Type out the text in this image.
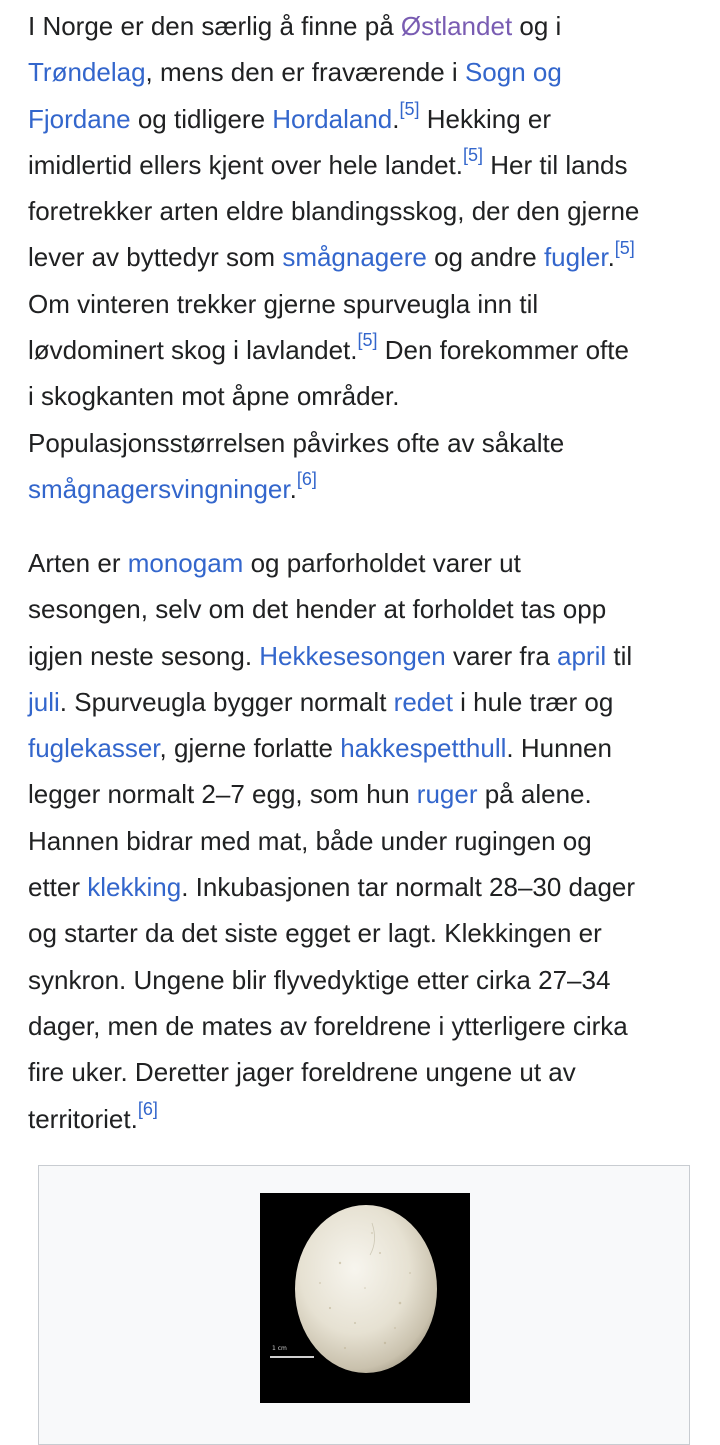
I Norge er den særlig å finne på Østlandet og i
Trøndelag, mens den er fraværende i Sogn og
Fjordane og tidligere Hordaland.[5] Hekking er
imidlertid ellers kjent over hele landet.[5] Her til lands
foretrekker arten eldre blandingsskog, der den gjerne
lever av byttedyr som smågnagere og andre fugler.[5]
Om vinteren trekker gjerne spurveugla inn til
løvdominert skog i lavlandet.[5] Den forekommer ofte
i skogkanten mot åpne områder.
Populasjonsstørrelsen påvirkes ofte av såkalte
smågnagersvingninger.[6]

Arten er monogam og parforholdet varer ut
sesongen, selv om det hender at forholdet tas opp
igjen neste sesong. Hekkesesongen varer fra april til
juli. Spurveugla bygger normalt redet i hule trær og
fuglekasser, gjerne forlatte hakkespetthull. Hunnen
legger normalt 2–7 egg, som hun ruger på alene.
Hannen bidrar med mat, både under rugingen og
etter klekking. Inkubasjonen tar normalt 28–30 dager
og starter da det siste egget er lagt. Klekkingen er
synkron. Ungene blir flyvedyktige etter cirka 27–34
dager, men de mates av foreldrene i ytterligere cirka
fire uker. Deretter jager foreldrene ungene ut av
territoriet.[6]

1 cm
